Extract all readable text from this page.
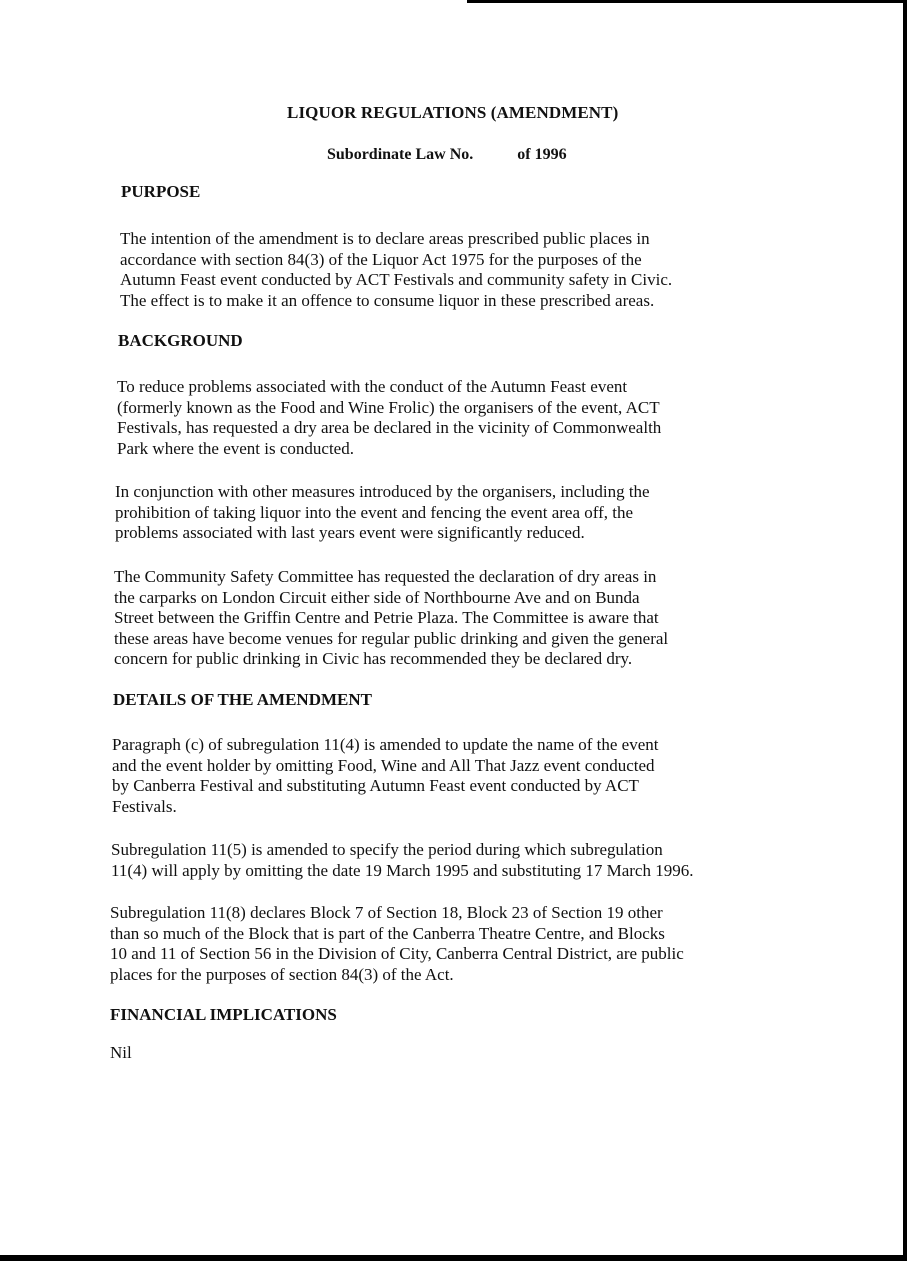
LIQUOR REGULATIONS (AMENDMENT)
Subordinate Law No.	of 1996
PURPOSE

The intention of the amendment is to declare areas prescribed public places in
accordance with section 84(3) of the Liquor Act 1975 for the purposes of the
Autumn Feast event conducted by ACT Festivals and community safety in Civic.
The effect is to make it an offence to consume liquor in these prescribed areas.

BACKGROUND

To reduce problems associated with the conduct of the Autumn Feast event
(formerly known as the Food and Wine Frolic) the organisers of the event, ACT
Festivals, has requested a dry area be declared in the vicinity of Commonwealth
Park where the event is conducted.

In conjunction with other measures introduced by the organisers, including the
prohibition of taking liquor into the event and fencing the event area off, the
problems associated with last years event were significantly reduced.

The Community Safety Committee has requested the declaration of dry areas in
the carparks on London Circuit either side of Northbourne Ave and on Bunda
Street between the Griffin Centre and Petrie Plaza. The Committee is aware that
these areas have become venues for regular public drinking and given the general
concern for public drinking in Civic has recommended they be declared dry.

DETAILS OF THE AMENDMENT

Paragraph (c) of subregulation 11(4) is amended to update the name of the event
and the event holder by omitting Food, Wine and All That Jazz event conducted
by Canberra Festival and substituting Autumn Feast event conducted by ACT
Festivals.

Subregulation 11(5) is amended to specify the period during which subregulation
11(4) will apply by omitting the date 19 March 1995 and substituting 17 March 1996.

Subregulation 11(8) declares Block 7 of Section 18, Block 23 of Section 19 other
than so much of the Block that is part of the Canberra Theatre Centre, and Blocks
10 and 11 of Section 56 in the Division of City, Canberra Central District, are public
places for the purposes of section 84(3) of the Act.

FINANCIAL IMPLICATIONS

Nil
